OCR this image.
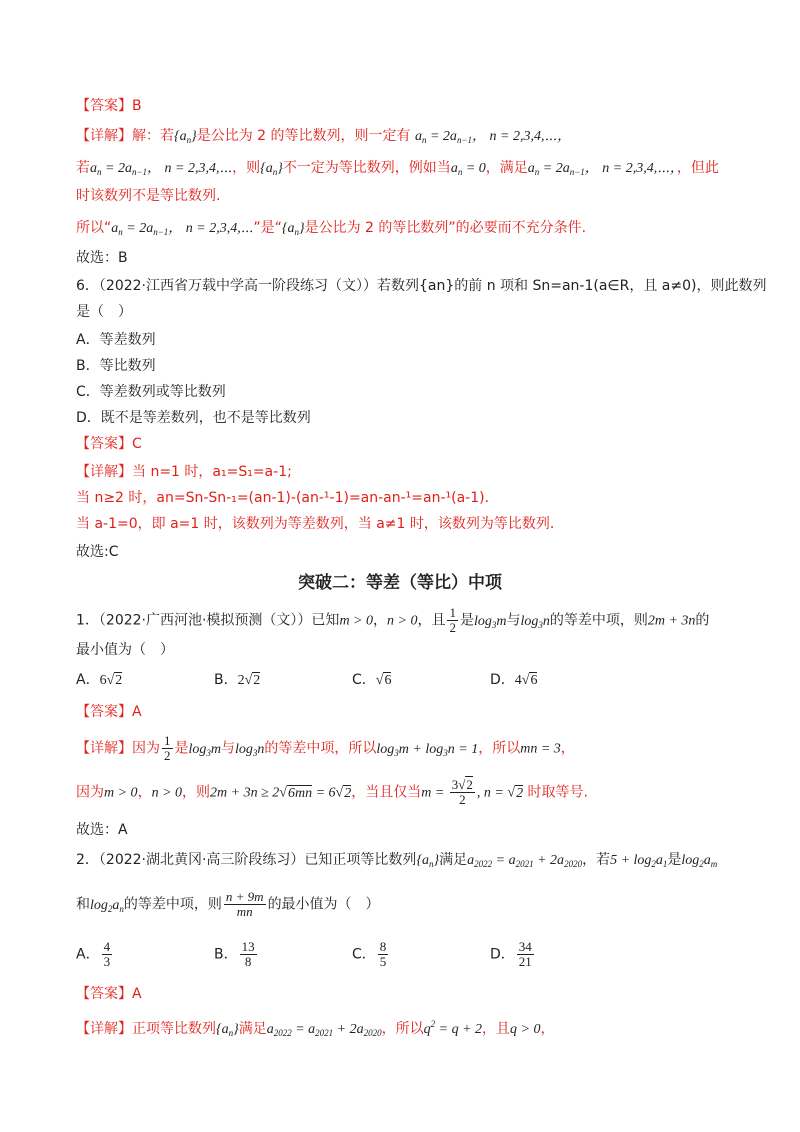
【答案】B
【详解】解：若$\{a_n\}$是公比为 2 的等比数列，则一定有 $a_n = 2a_{n-1}$， n = 2,3,4,⋯，
若$a_n = 2a_{n-1}$， n = 2,3,4,⋯，则$\{a_n\}$不一定为等比数列，例如当$a_n = 0$，满足$a_n = 2a_{n-1}$， n = 2,3,4,⋯，，但此
时该数列不是等比数列.
所以“$a_n = 2a_{n-1}$， n = 2,3,4,⋯”是“$\{a_n\}$是公比为 2 的等比数列”的必要而不充分条件.
故选：B
6．（2022·江西省万载中学高一阶段练习（文））若数列{an}的前 n 项和 Sn=an-1(a∈R，且 a≠0)，则此数列
是（　）
A．等差数列
B．等比数列
C．等差数列或等比数列
D．既不是等差数列，也不是等比数列
【答案】C
【详解】当 n=1 时，a₁=S₁=a-1;
当 n≥2 时，an=Sn-Sn-₁=(an-1)-(an-¹-1)=an-an-¹=an-¹(a-1).
当 a-1=0，即 a=1 时，该数列为等差数列，当 a≠1 时，该数列为等比数列.
故选:C
突破二：等差（等比）中项
1．（2022·广西河池·模拟预测（文））已知m > 0，n > 0，且 $\frac{1}{2}$ 是$\log_3m$与$\log_3n$的等差中项，则2m + 3n的
最小值为（　）
A．6√2	B．2√2	C．√6	D．4√6
【答案】A
【详解】因为 $\frac{1}{2}$ 是$\log_3m$与$\log_3n$的等差中项，所以$\log_3m + \log_3n = 1$，所以mn = 3，
因为m > 0，n > 0，则2m + 3n ≥ 2√6mn = 6√2，当且仅当$m = \frac{3√2}{2}$ , n = √2 时取等号.
故选：A
2．（2022·湖北黄冈·高三阶段练习）已知正项等比数列$\{a_n\}$满足$a_{2022} = a_{2021} + 2a_{2020}$，若$5 + \log_2a_1$是$\log_2a_m$
和$\log_2a_n$的等差中项，则 $\frac{n + 9m}{mn}$ 的最小值为（　）
A． $\frac{4}{3}$	B． $\frac{13}{8}$	C． $\frac{8}{5}$	D． $\frac{34}{21}$
【答案】A
【详解】正项等比数列$\{a_n\}$满足$a_{2022} = a_{2021} + 2a_{2020}$，所以$q^2 = q + 2$，且q > 0，
